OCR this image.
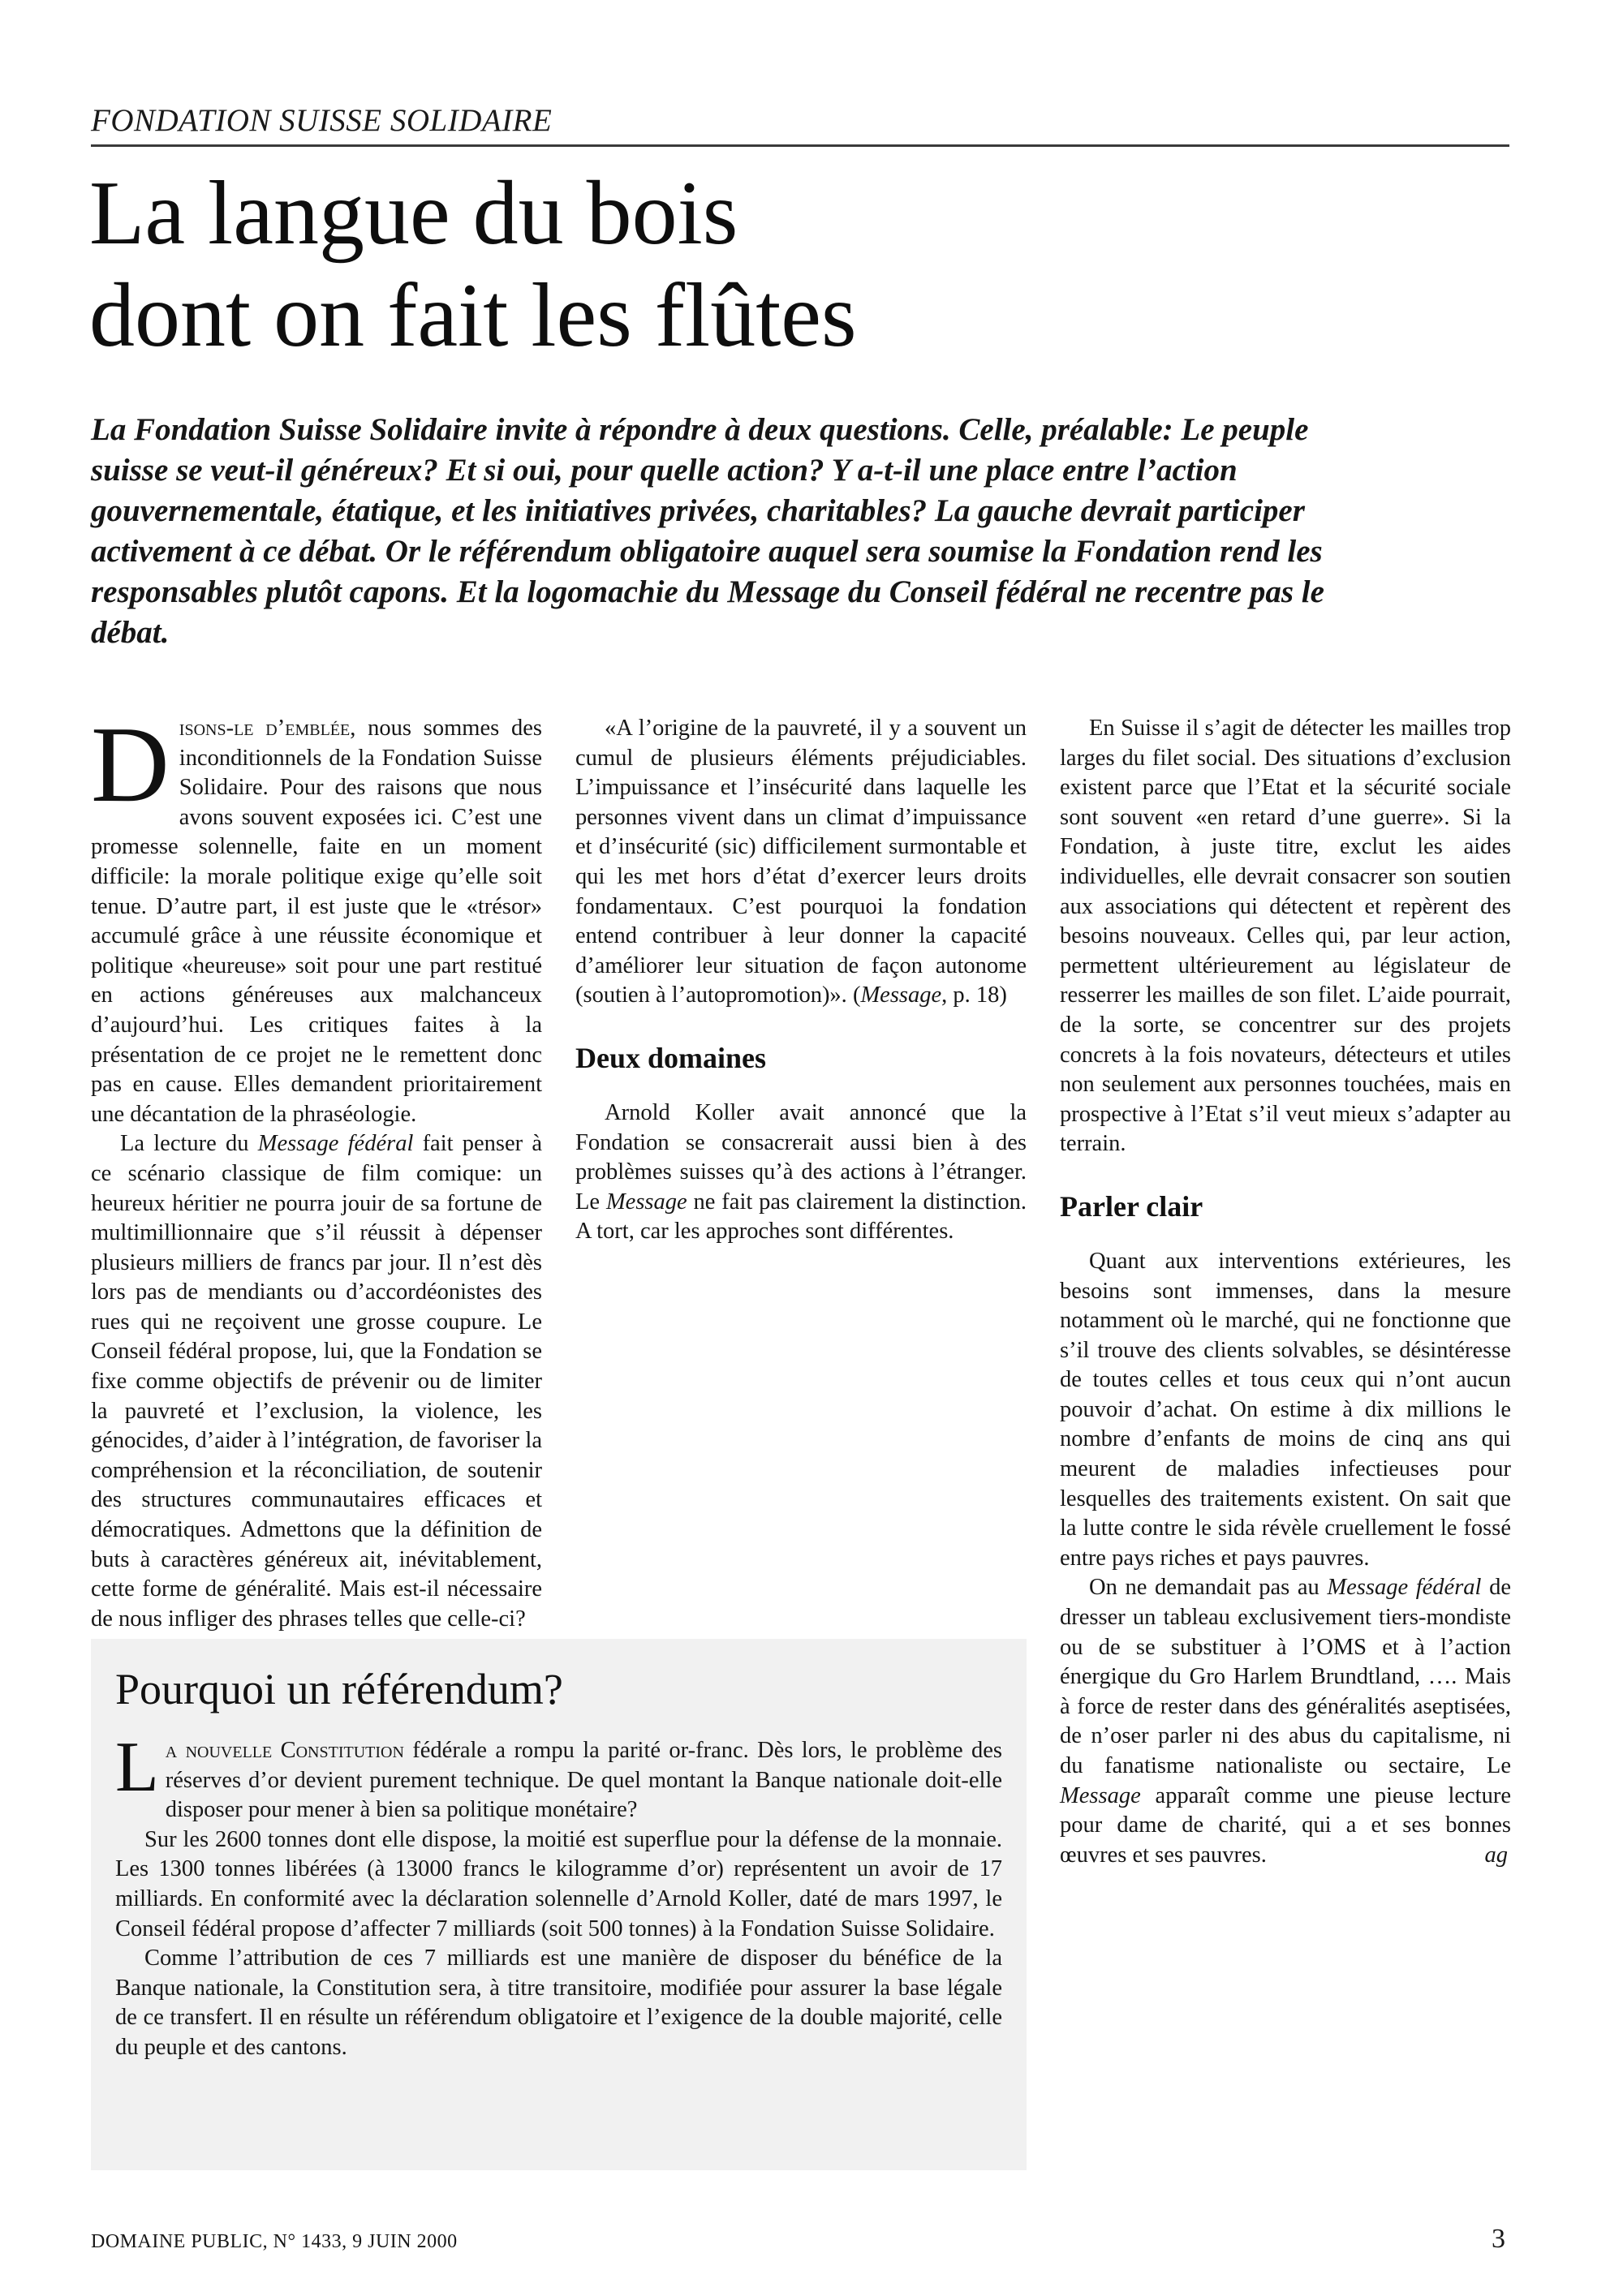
FONDATION SUISSE SOLIDAIRE
La langue du bois
dont on fait les flûtes

La Fondation Suisse Solidaire invite à répondre à deux questions. Celle, préalable: Le peuple suisse se veut-il généreux? Et si oui, pour quelle action? Y a-t-il une place entre l’action gouvernementale, étatique, et les initiatives privées, charitables? La gauche devrait participer activement à ce débat. Or le référendum obligatoire auquel sera soumise la Fondation rend les responsables plutôt capons. Et la logomachie du Message du Conseil fédéral ne recentre pas le débat.

Disons-le d’emblée, nous sommes des inconditionnels de la Fondation Suisse Solidaire. Pour des raisons que nous avons souvent exposées ici. C’est une promesse solennelle, faite en un moment difficile: la morale politique exige qu’elle soit tenue. D’autre part, il est juste que le «trésor» accumulé grâce à une réussite économique et politique «heureuse» soit pour une part restitué en actions généreuses aux malchanceux d’aujourd’hui. Les critiques faites à la présentation de ce projet ne le remettent donc pas en cause. Elles demandent prioritairement une décantation de la phraséologie.

La lecture du Message fédéral fait penser à ce scénario classique de film comique: un heureux héritier ne pourra jouir de sa fortune de multimillionnaire que s’il réussit à dépenser plusieurs milliers de francs par jour. Il n’est dès lors pas de mendiants ou d’accordéonistes des rues qui ne reçoivent une grosse coupure. Le Conseil fédéral propose, lui, que la Fondation se fixe comme objectifs de prévenir ou de limiter la pauvreté et l’exclusion, la violence, les génocides, d’aider à l’intégration, de favoriser la compréhension et la réconciliation, de soutenir des structures communautaires efficaces et démocratiques. Admettons que la définition de buts à caractères généreux ait, inévitablement, cette forme de généralité. Mais est-il nécessaire de nous infliger des phrases telles que celle-ci?

«A l’origine de la pauvreté, il y a souvent un cumul de plusieurs éléments préjudiciables. L’impuissance et l’insécurité dans laquelle les personnes vivent dans un climat d’impuissance et d’insécurité (sic) difficilement surmontable et qui les met hors d’état d’exercer leurs droits fondamentaux. C’est pourquoi la fondation entend contribuer à leur donner la capacité d’améliorer leur situation de façon autonome (soutien à l’autopromotion)». (Message, p. 18)

Deux domaines

Arnold Koller avait annoncé que la Fondation se consacrerait aussi bien à des problèmes suisses qu’à des actions à l’étranger. Le Message ne fait pas clairement la distinction. A tort, car les approches sont différentes.

En Suisse il s’agit de détecter les mailles trop larges du filet social. Des situations d’exclusion existent parce que l’Etat et la sécurité sociale sont souvent «en retard d’une guerre». Si la Fondation, à juste titre, exclut les aides individuelles, elle devrait consacrer son soutien aux associations qui détectent et repèrent des besoins nouveaux. Celles qui, par leur action, permettent ultérieurement au législateur de resserrer les mailles de son filet. L’aide pourrait, de la sorte, se concentrer sur des projets concrets à la fois novateurs, détecteurs et utiles non seulement aux personnes touchées, mais en prospective à l’Etat s’il veut mieux s’adapter au terrain.

Parler clair

Quant aux interventions extérieures, les besoins sont immenses, dans la mesure notamment où le marché, qui ne fonctionne que s’il trouve des clients solvables, se désintéresse de toutes celles et tous ceux qui n’ont aucun pouvoir d’achat. On estime à dix millions le nombre d’enfants de moins de cinq ans qui meurent de maladies infectieuses pour lesquelles des traitements existent. On sait que la lutte contre le sida révèle cruellement le fossé entre pays riches et pays pauvres.

On ne demandait pas au Message fédéral de dresser un tableau exclusivement tiers-mondiste ou de se substituer à l’OMS et à l’action énergique du Gro Harlem Brundtland, …. Mais à force de rester dans des généralités aseptisées, de n’oser parler ni des abus du capitalisme, ni du fanatisme nationaliste ou sectaire, Le Message apparaît comme une pieuse lecture pour dame de charité, qui a et ses bonnes œuvres et ses pauvres.	ag

Pourquoi un référendum?

La nouvelle Constitution fédérale a rompu la parité or-franc. Dès lors, le problème des réserves d’or devient purement technique. De quel montant la Banque nationale doit-elle disposer pour mener à bien sa politique monétaire?

Sur les 2600 tonnes dont elle dispose, la moitié est superflue pour la défense de la monnaie. Les 1300 tonnes libérées (à 13000 francs le kilogramme d’or) représentent un avoir de 17 milliards. En conformité avec la déclaration solennelle d’Arnold Koller, daté de mars 1997, le Conseil fédéral propose d’affecter 7 milliards (soit 500 tonnes) à la Fondation Suisse Solidaire.

Comme l’attribution de ces 7 milliards est une manière de disposer du bénéfice de la Banque nationale, la Constitution sera, à titre transitoire, modifiée pour assurer la base légale de ce transfert. Il en résulte un référendum obligatoire et l’exigence de la double majorité, celle du peuple et des cantons.

DOMAINE PUBLIC, N° 1433, 9 JUIN 2000	3
